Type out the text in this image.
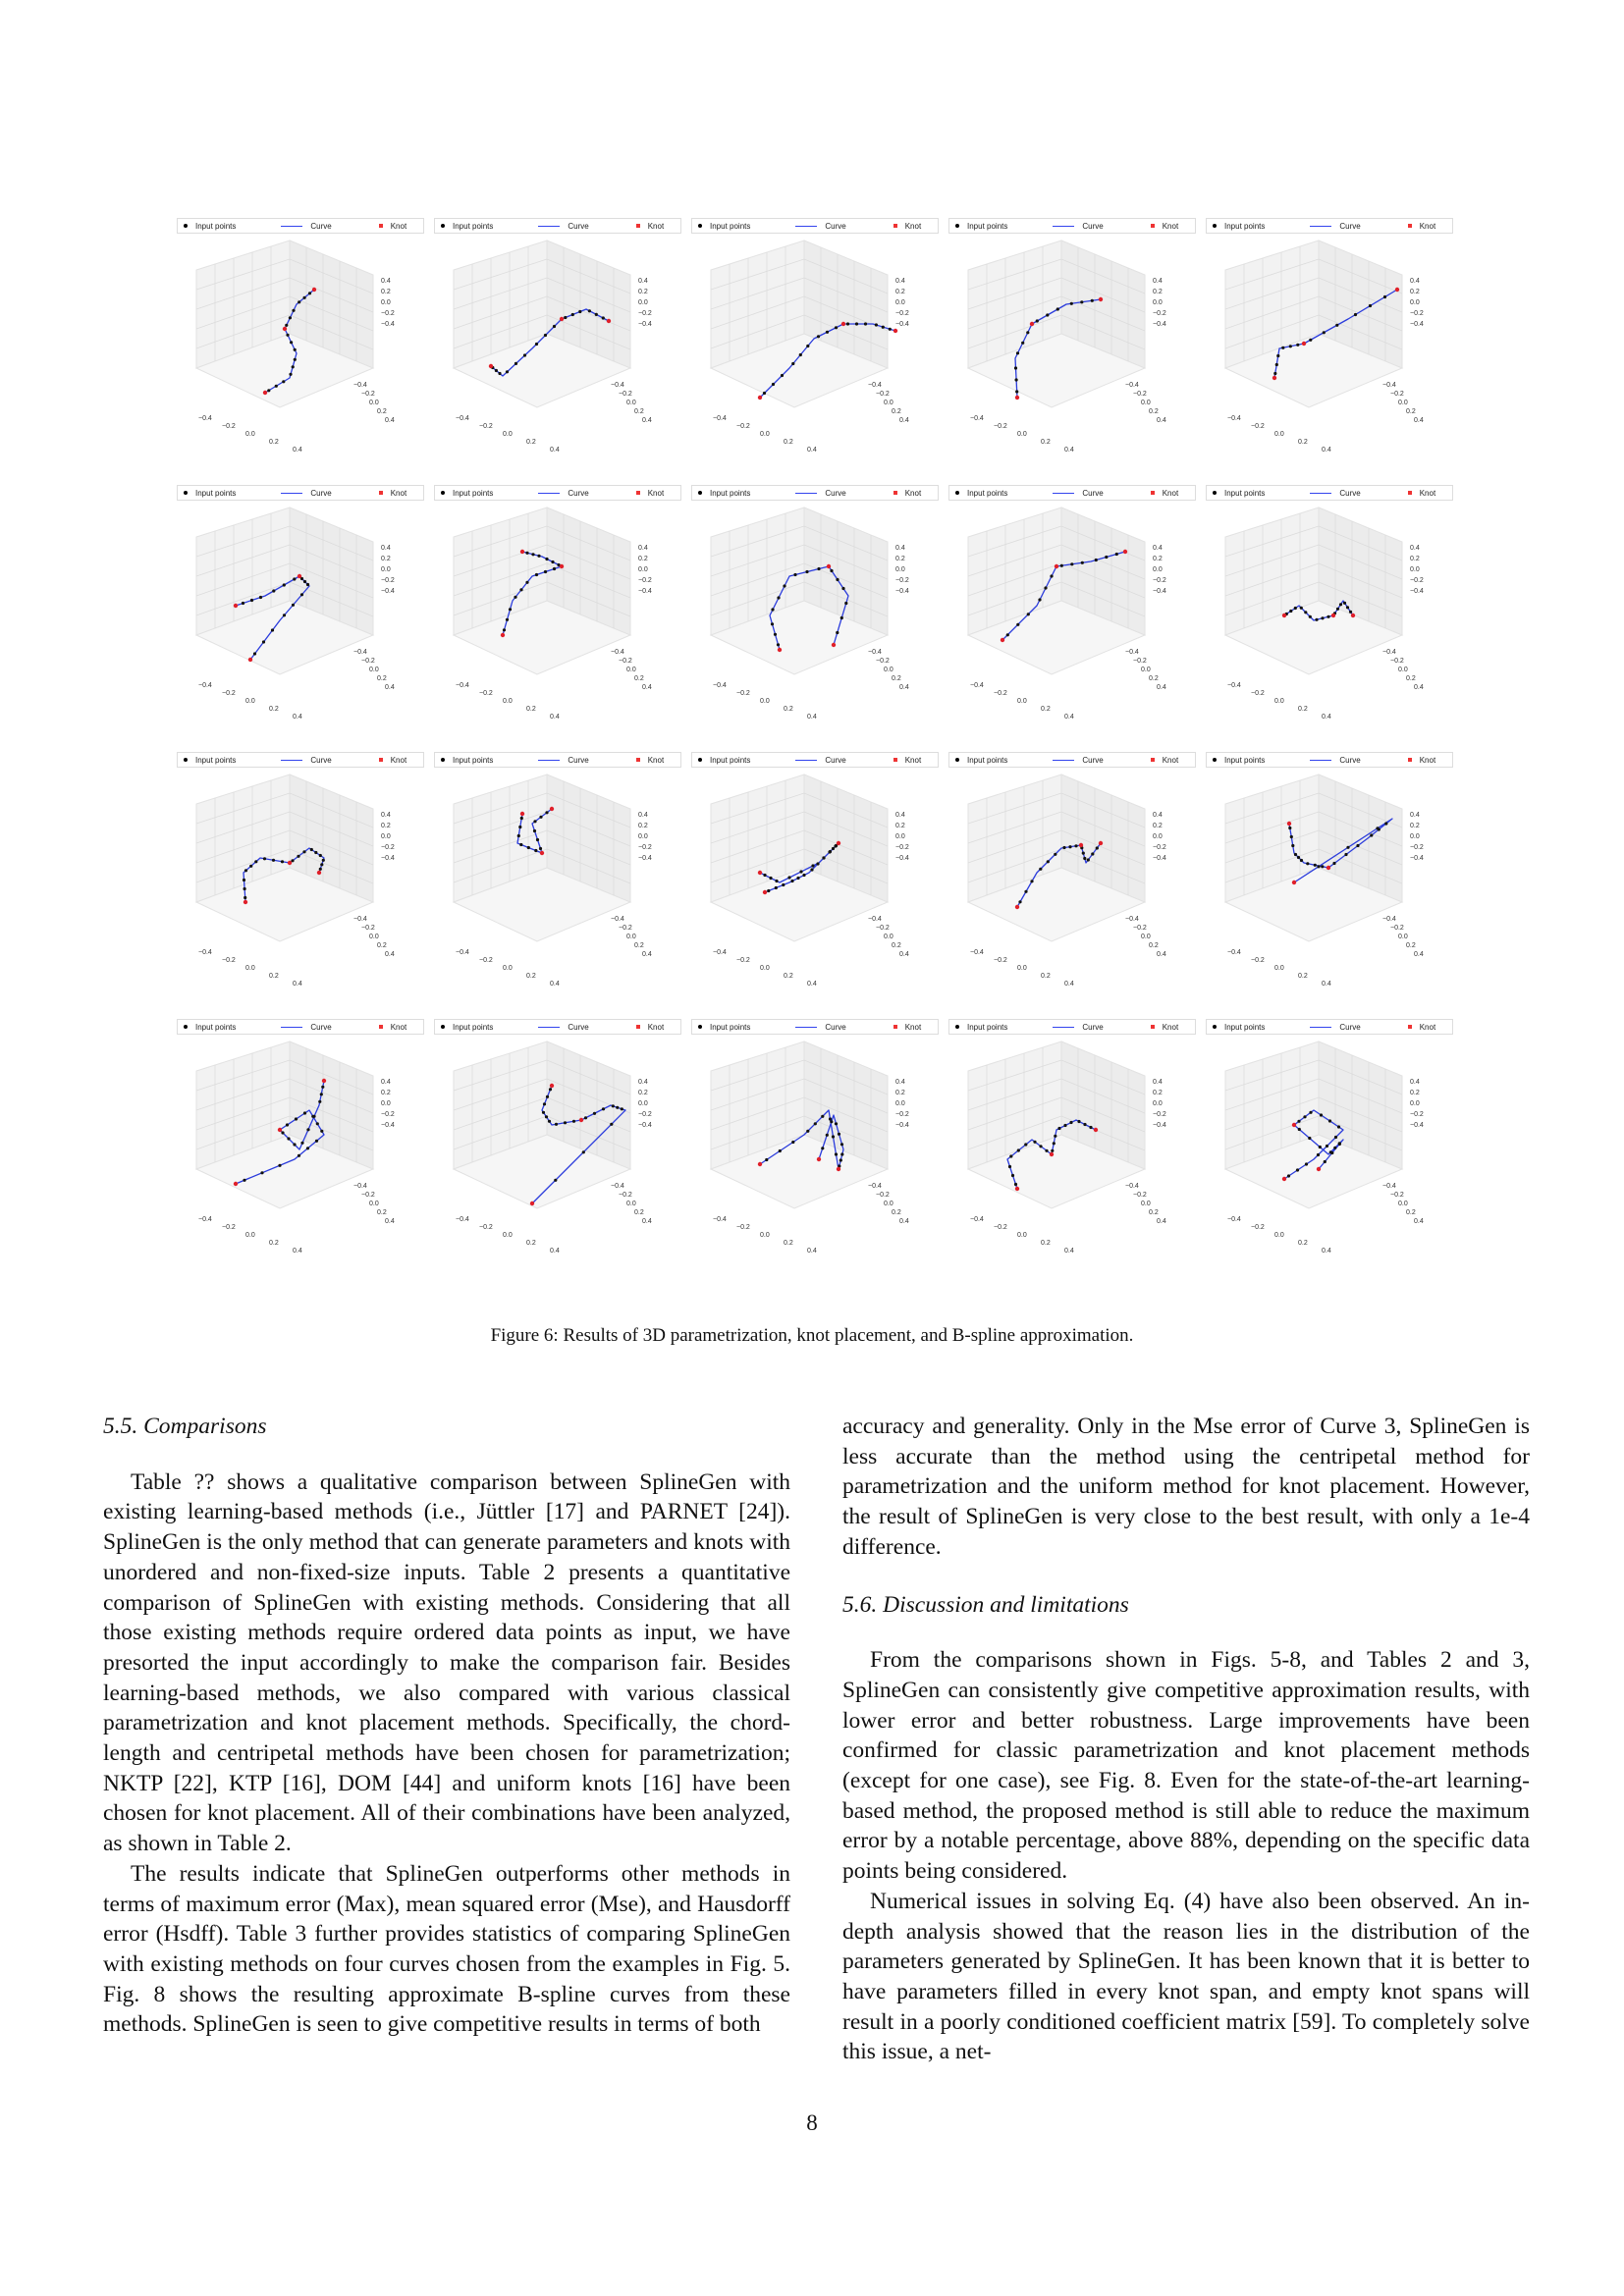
Input points	Curve	Knot
0.4
0.2
0.0
−0.2
−0.4
0.4
0.2
0.0
−0.2
−0.4
−0.4
−0.2
0.0
0.2
0.4
Input points	Curve	Knot
0.4
0.2
0.0
−0.2
−0.4
0.4
0.2
0.0
−0.2
−0.4
−0.4
−0.2
0.0
0.2
0.4
Input points	Curve	Knot
0.4
0.2
0.0
−0.2
−0.4
0.4
0.2
0.0
−0.2
−0.4
−0.4
−0.2
0.0
0.2
0.4
Input points	Curve	Knot
0.4
0.2
0.0
−0.2
−0.4
0.4
0.2
0.0
−0.2
−0.4
−0.4
−0.2
0.0
0.2
0.4
Input points	Curve	Knot
0.4
0.2
0.0
−0.2
−0.4
0.4
0.2
0.0
−0.2
−0.4
−0.4
−0.2
0.0
0.2
0.4
Input points	Curve	Knot
0.4
0.2
0.0
−0.2
−0.4
0.4
0.2
0.0
−0.2
−0.4
−0.4
−0.2
0.0
0.2
0.4
Input points	Curve	Knot
0.4
0.2
0.0
−0.2
−0.4
0.4
0.2
0.0
−0.2
−0.4
−0.4
−0.2
0.0
0.2
0.4
Input points	Curve	Knot
0.4
0.2
0.0
−0.2
−0.4
0.4
0.2
0.0
−0.2
−0.4
−0.4
−0.2
0.0
0.2
0.4
Input points	Curve	Knot
0.4
0.2
0.0
−0.2
−0.4
0.4
0.2
0.0
−0.2
−0.4
−0.4
−0.2
0.0
0.2
0.4
Input points	Curve	Knot
0.4
0.2
0.0
−0.2
−0.4
0.4
0.2
0.0
−0.2
−0.4
−0.4
−0.2
0.0
0.2
0.4
Input points	Curve	Knot
0.4
0.2
0.0
−0.2
−0.4
0.4
0.2
0.0
−0.2
−0.4
−0.4
−0.2
0.0
0.2
0.4
Input points	Curve	Knot
0.4
0.2
0.0
−0.2
−0.4
0.4
0.2
0.0
−0.2
−0.4
−0.4
−0.2
0.0
0.2
0.4
Input points	Curve	Knot
0.4
0.2
0.0
−0.2
−0.4
0.4
0.2
0.0
−0.2
−0.4
−0.4
−0.2
0.0
0.2
0.4
Input points	Curve	Knot
0.4
0.2
0.0
−0.2
−0.4
0.4
0.2
0.0
−0.2
−0.4
−0.4
−0.2
0.0
0.2
0.4
Input points	Curve	Knot
0.4
0.2
0.0
−0.2
−0.4
0.4
0.2
0.0
−0.2
−0.4
−0.4
−0.2
0.0
0.2
0.4
Input points	Curve	Knot
0.4
0.2
0.0
−0.2
−0.4
0.4
0.2
0.0
−0.2
−0.4
−0.4
−0.2
0.0
0.2
0.4
Input points	Curve	Knot
0.4
0.2
0.0
−0.2
−0.4
0.4
0.2
0.0
−0.2
−0.4
−0.4
−0.2
0.0
0.2
0.4
Input points	Curve	Knot
0.4
0.2
0.0
−0.2
−0.4
0.4
0.2
0.0
−0.2
−0.4
−0.4
−0.2
0.0
0.2
0.4
Input points	Curve	Knot
0.4
0.2
0.0
−0.2
−0.4
0.4
0.2
0.0
−0.2
−0.4
−0.4
−0.2
0.0
0.2
0.4
Input points	Curve	Knot
0.4
0.2
0.0
−0.2
−0.4
0.4
0.2
0.0
−0.2
−0.4
−0.4
−0.2
0.0
0.2
0.4
Figure 6: Results of 3D parametrization, knot placement, and B-spline approximation.

5.5. Comparisons

Table ?? shows a qualitative comparison between SplineGen with existing learning-based methods (i.e., Jüttler [17] and PARNET [24]). SplineGen is the only method that can generate parameters and knots with unordered and non-fixed-size inputs. Table 2 presents a quantitative comparison of SplineGen with existing methods. Considering that all those existing methods require ordered data points as input, we have presorted the input accordingly to make the comparison fair. Besides learning-based methods, we also compared with various classical parametrization and knot placement methods. Specifically, the chord-length and centripetal methods have been chosen for parametrization; NKTP [22], KTP [16], DOM [44] and uniform knots [16] have been chosen for knot placement. All of their combinations have been analyzed, as shown in Table 2.

The results indicate that SplineGen outperforms other methods in terms of maximum error (Max), mean squared error (Mse), and Hausdorff error (Hsdff). Table 3 further provides statistics of comparing SplineGen with existing methods on four curves chosen from the examples in Fig. 5. Fig. 8 shows the resulting approximate B-spline curves from these methods. SplineGen is seen to give competitive results in terms of both

accuracy and generality. Only in the Mse error of Curve 3, SplineGen is less accurate than the method using the centripetal method for parametrization and the uniform method for knot placement. However, the result of SplineGen is very close to the best result, with only a 1e-4 difference.

5.6. Discussion and limitations

From the comparisons shown in Figs. 5-8, and Tables 2 and 3, SplineGen can consistently give competitive approximation results, with lower error and better robustness. Large improvements have been confirmed for classic parametrization and knot placement methods (except for one case), see Fig. 8. Even for the state-of-the-art learning-based method, the proposed method is still able to reduce the maximum error by a notable percentage, above 88%, depending on the specific data points being considered.

Numerical issues in solving Eq. (4) have also been observed. An in-depth analysis showed that the reason lies in the distribution of the parameters generated by SplineGen. It has been known that it is better to have parameters filled in every knot span, and empty knot spans will result in a poorly conditioned coefficient matrix [59]. To completely solve this issue, a net-

8
